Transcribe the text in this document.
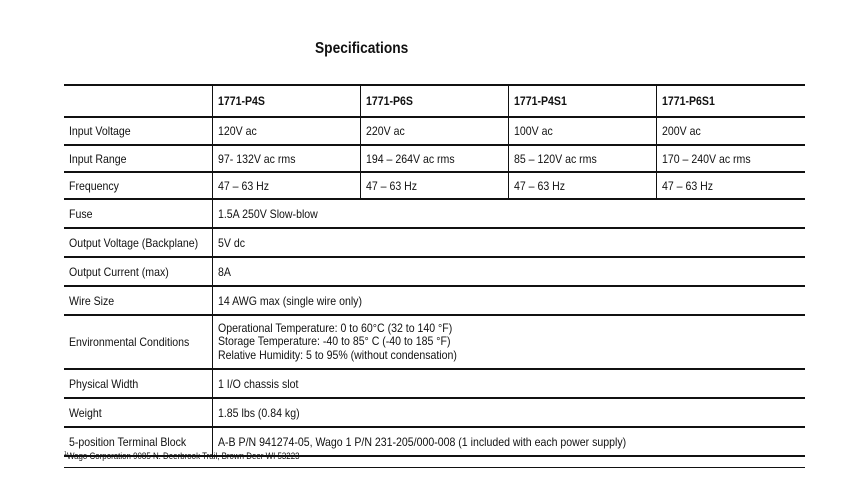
Specifications
	1771-P4S	1771-P6S	1771-P4S1	1771-P6S1
Input Voltage	120V ac	220V ac	100V ac	200V ac
Input Range	97- 132V ac rms	194 – 264V ac rms	85 – 120V ac rms	170 – 240V ac rms
Frequency	47 – 63 Hz	47 – 63 Hz	47 – 63 Hz	47 – 63 Hz
Fuse	1.5A 250V Slow-blow			
Output Voltage (Backplane)	5V dc			
Output Current (max)	8A			
Wire Size	14 AWG max (single wire only)			
Environmental Conditions	Operational Temperature: 0 to 60°C (32 to 140 °F)
Storage Temperature: -40 to 85° C (-40 to 185 °F)
Relative Humidity: 5 to 95% (without condensation)			

Physical Width	1 I/O chassis slot			
Weight	1.85 lbs (0.84 kg)			
5-position Terminal Block	A-B P/N 941274-05, Wago 1 P/N 231-205/000-008 (1 included with each power supply)			
$^1$Wago Corporation 9085 N. Deerbrook Trail, Brown Deer WI 53223
